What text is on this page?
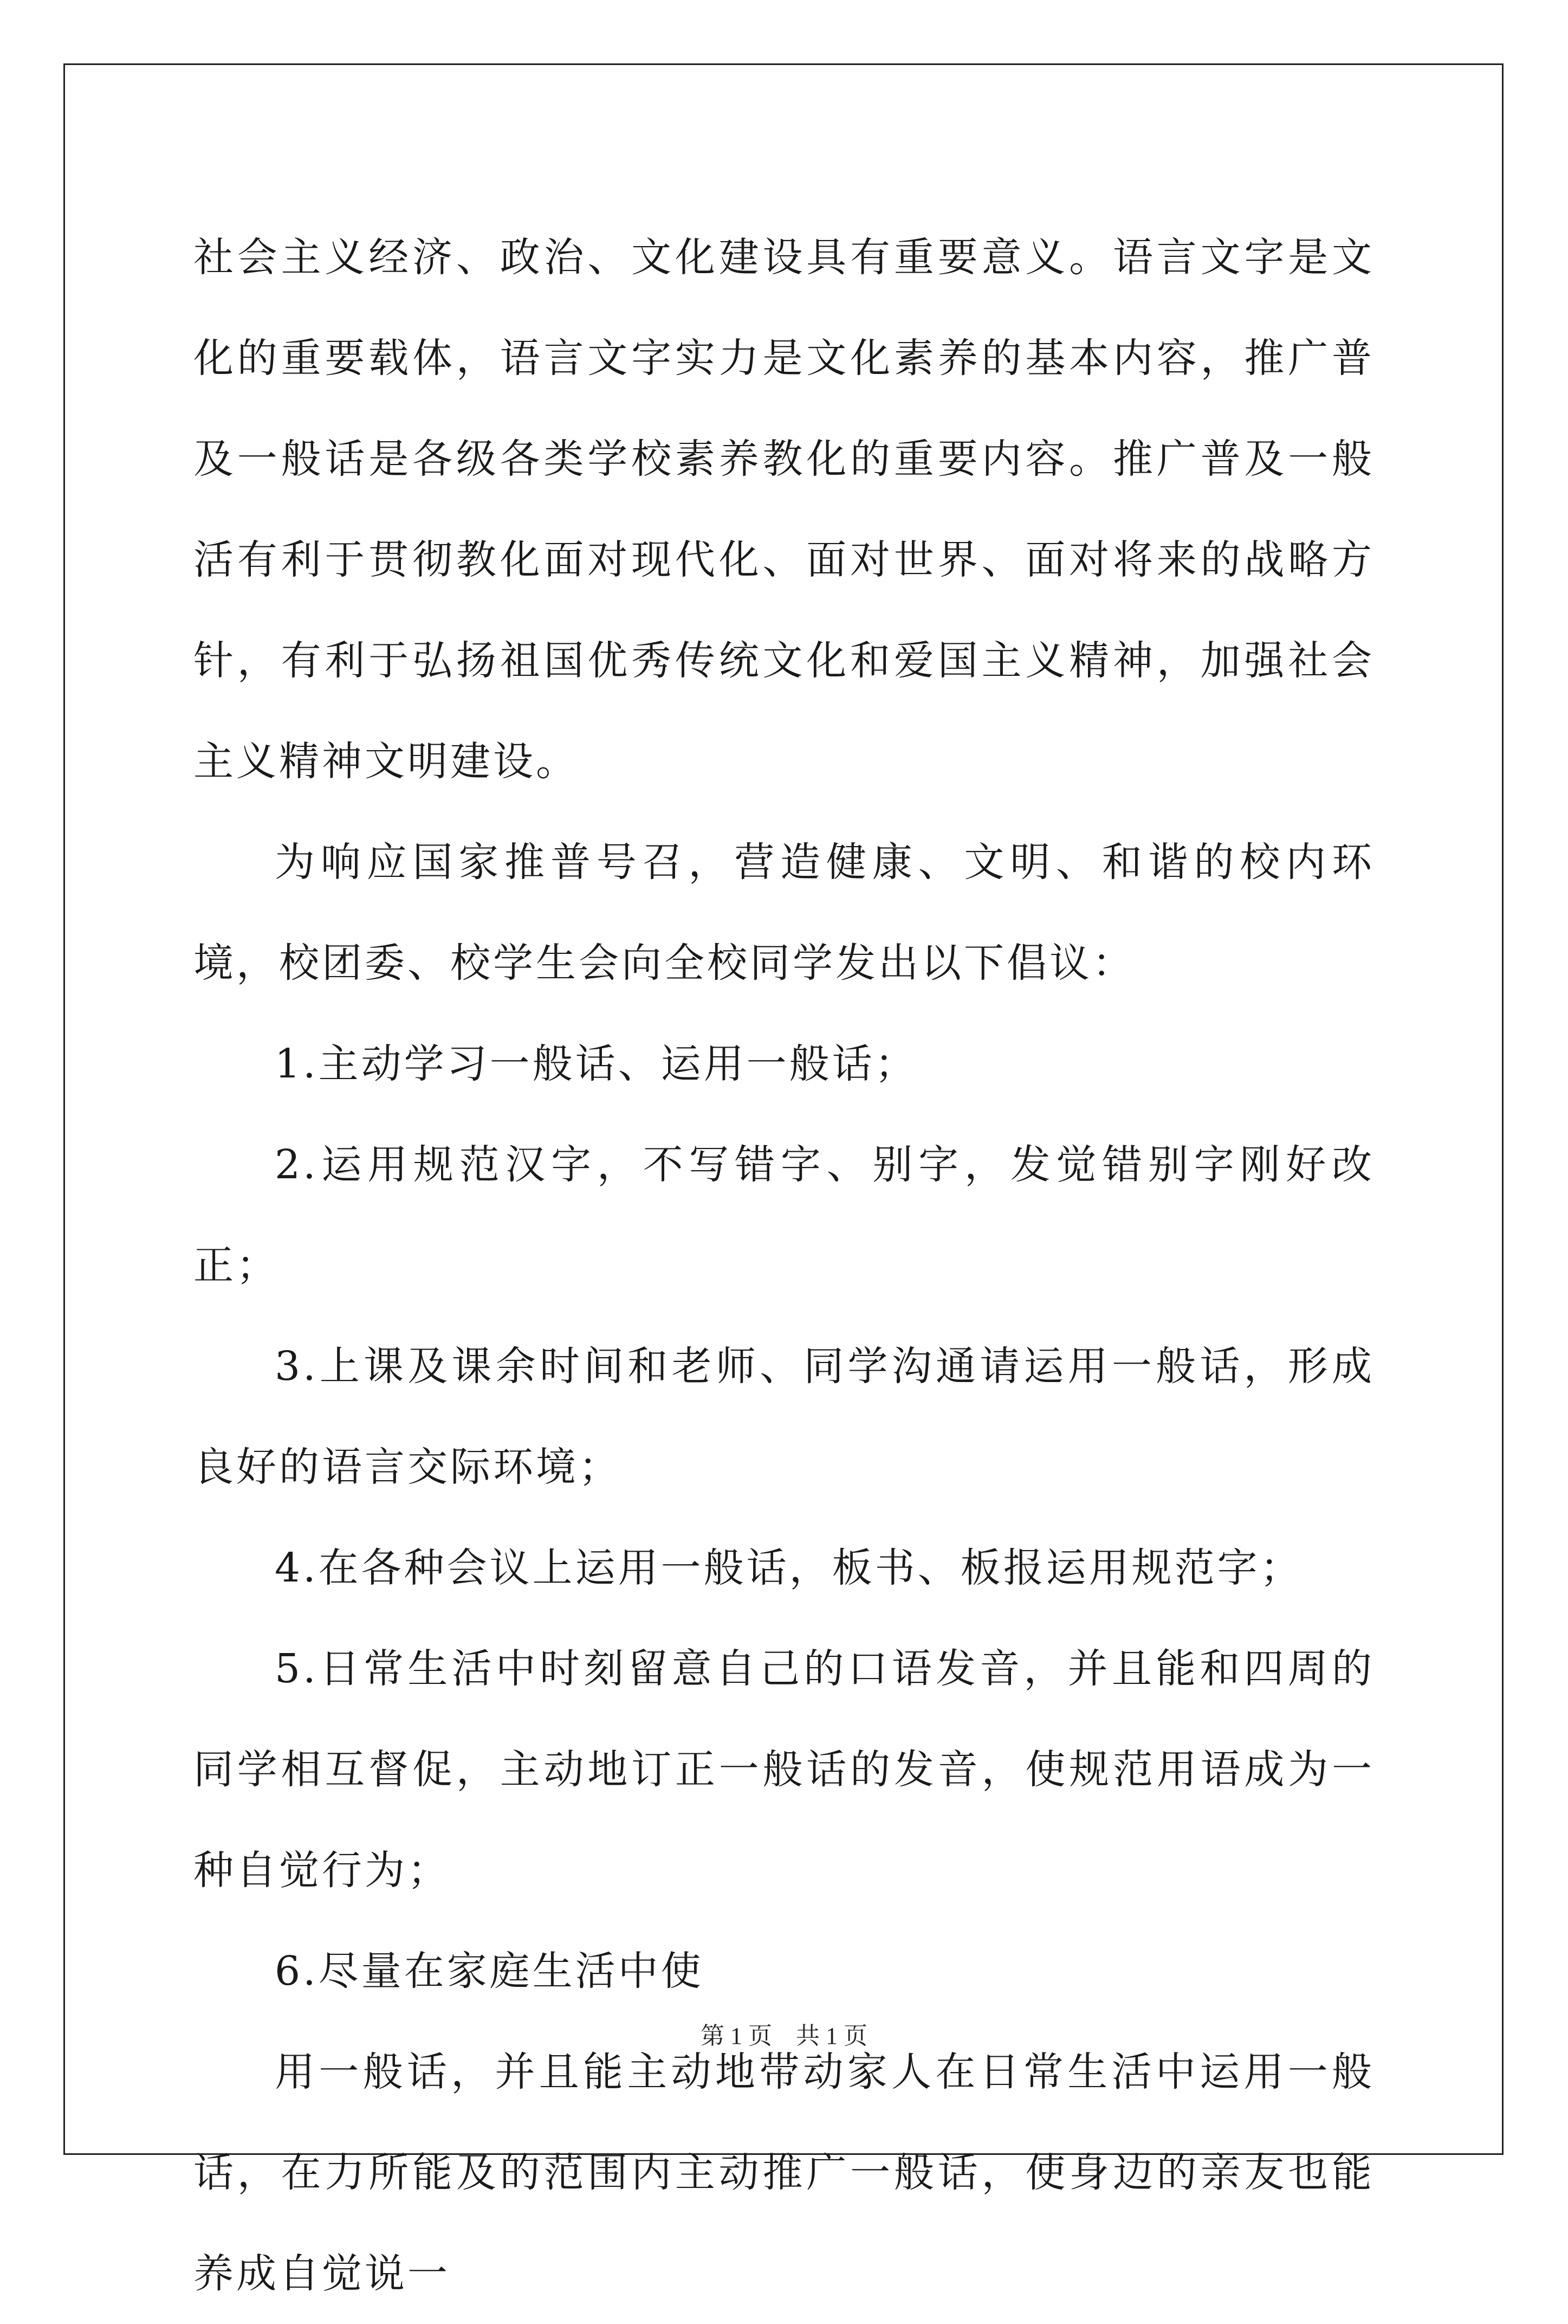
社会主义经济、政治、文化建设具有重要意义。语言文字是文化的重要载体，语言文字实力是文化素养的基本内容，推广普及一般话是各级各类学校素养教化的重要内容。推广普及一般活有利于贯彻教化面对现代化、面对世界、面对将来的战略方针，有利于弘扬祖国优秀传统文化和爱国主义精神，加强社会主义精神文明建设。

为响应国家推普号召，营造健康、文明、和谐的校内环境，校团委、校学生会向全校同学发出以下倡议：

1.主动学习一般话、运用一般话；

2.运用规范汉字，不写错字、别字，发觉错别字刚好改正；

3.上课及课余时间和老师、同学沟通请运用一般话，形成良好的语言交际环境；

4.在各种会议上运用一般话，板书、板报运用规范字；

5.日常生活中时刻留意自己的口语发音，并且能和四周的同学相互督促，主动地订正一般话的发音，使规范用语成为一种自觉行为；

6.尽量在家庭生活中使

用一般话，并且能主动地带动家人在日常生活中运用一般话，在力所能及的范围内主动推广一般话，使身边的亲友也能养成自觉说一

第 1 页　共 1 页
